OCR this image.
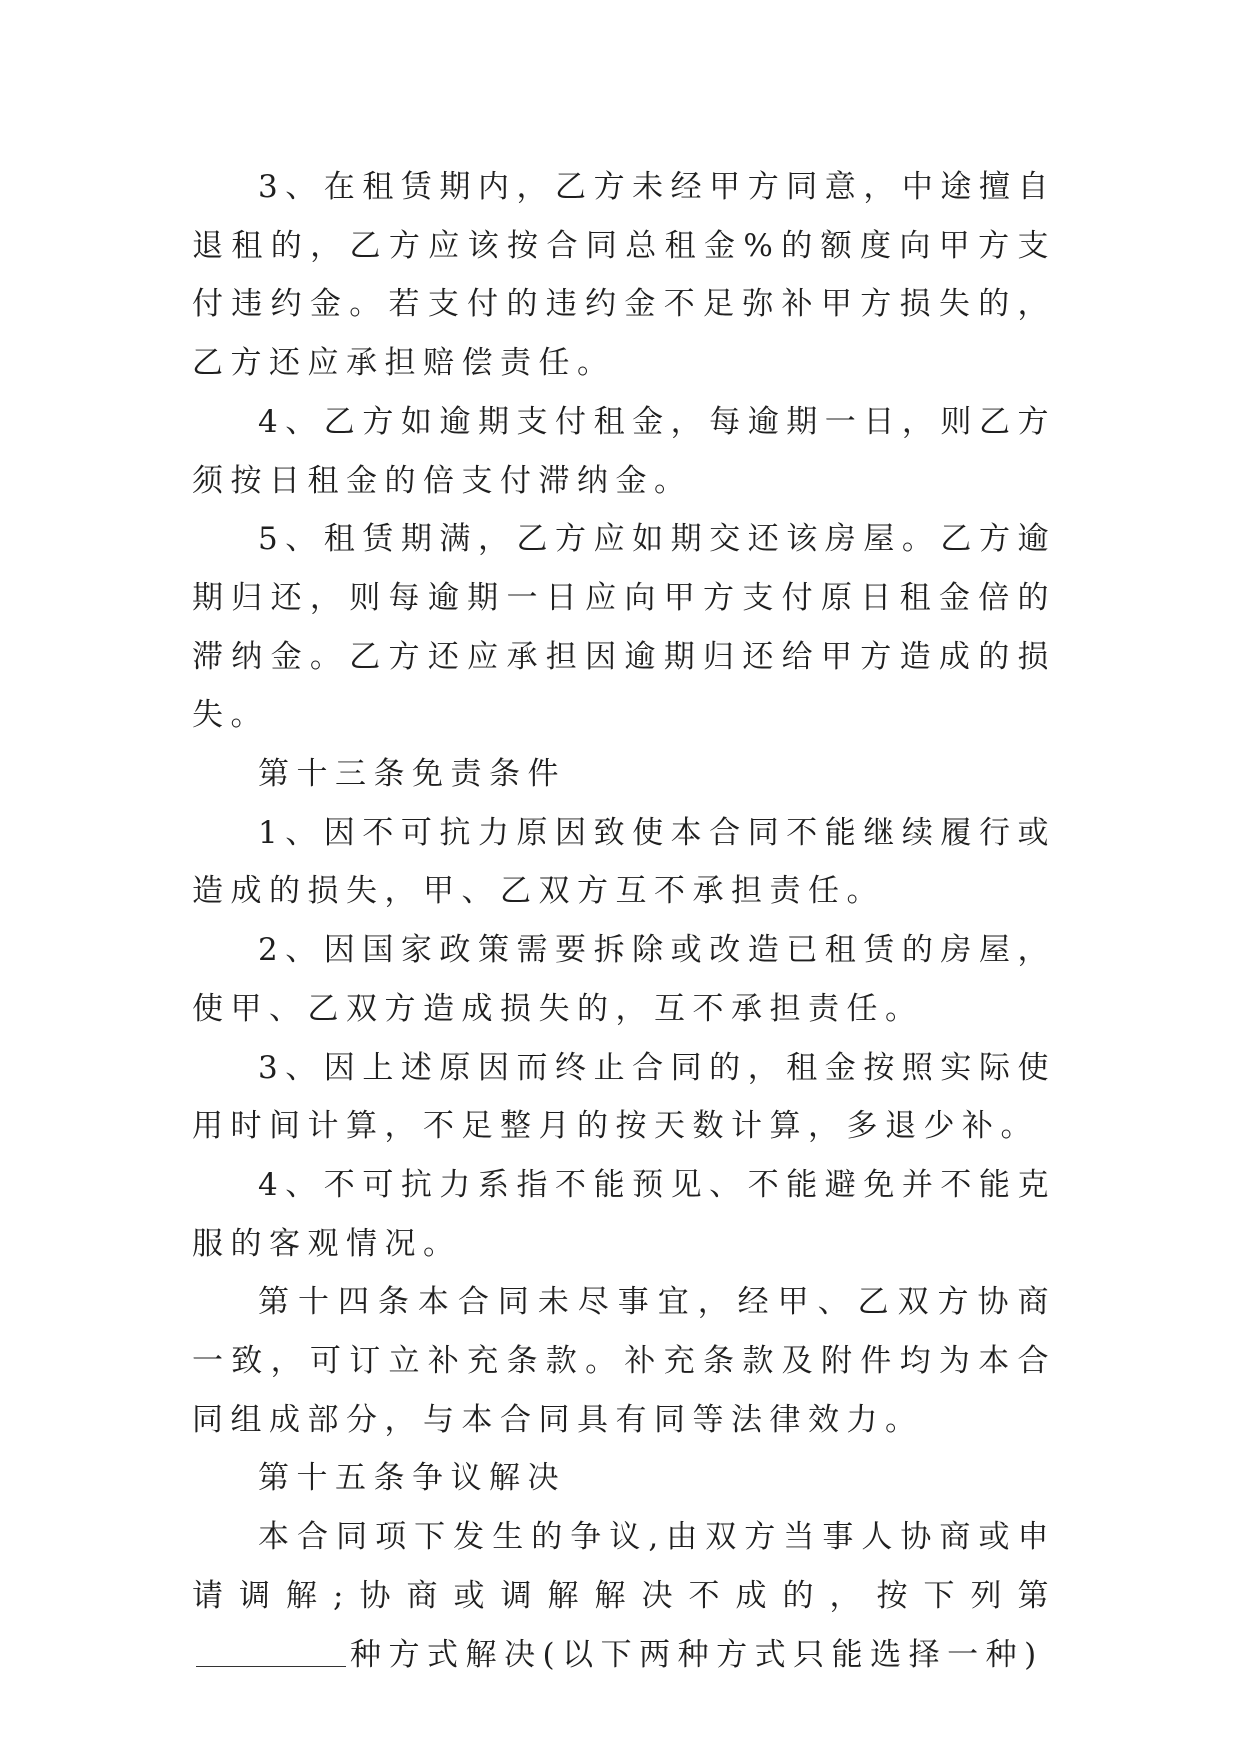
3、在租赁期内，乙方未经甲方同意，中途擅自退租的，乙方应该按合同总租金%的额度向甲方支付违约金。若支付的违约金不足弥补甲方损失的，乙方还应承担赔偿责任。

4、乙方如逾期支付租金，每逾期一日，则乙方须按日租金的倍支付滞纳金。

5、租赁期满，乙方应如期交还该房屋。乙方逾期归还，则每逾期一日应向甲方支付原日租金倍的滞纳金。乙方还应承担因逾期归还给甲方造成的损失。

第十三条免责条件

1、因不可抗力原因致使本合同不能继续履行或造成的损失，甲、乙双方互不承担责任。

2、因国家政策需要拆除或改造已租赁的房屋，使甲、乙双方造成损失的，互不承担责任。

3、因上述原因而终止合同的，租金按照实际使用时间计算，不足整月的按天数计算，多退少补。

4、不可抗力系指不能预见、不能避免并不能克服的客观情况。

第十四条本合同未尽事宜，经甲、乙双方协商一致，可订立补充条款。补充条款及附件均为本合同组成部分，与本合同具有同等法律效力。

第十五条争议解决

本合同项下发生的争议,由双方当事人协商或申请调解;协商或调解解决不成的，按下列第种方式解决(以下两种方式只能选择一种)
